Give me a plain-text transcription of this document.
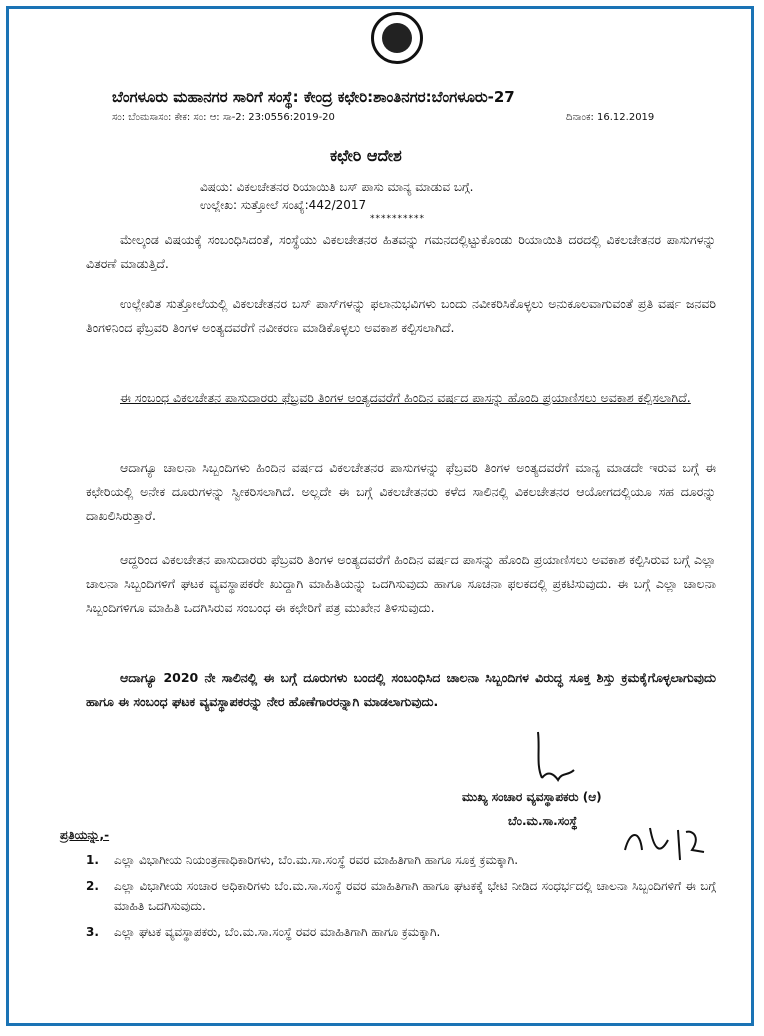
ಬೆಂಗಳೂರು ಮಹಾನಗರ ಸಾರಿಗೆ ಸಂಸ್ಥೆ: ಕೇಂದ್ರ ಕಛೇರಿ:ಶಾಂತಿನಗರ:ಬೆಂಗಳೂರು-27
ಸಂ: ಬೆಂಮಸಾಸಂ: ಕೇಕ: ಸಂ: ಆ: ಸಾ-2: 23:0556:2019-20	ದಿನಾಂಕ: 16.12.2019
ಕಛೇರಿ ಆದೇಶ
ವಿಷಯ: ವಿಕಲಚೇತನರ ರಿಯಾಯಿತಿ ಬಸ್ ಪಾಸು ಮಾನ್ಯ ಮಾಡುವ ಬಗ್ಗೆ.
ಉಲ್ಲೇಖ: ಸುತ್ತೋಲೆ ಸಂಖ್ಯೆ:442/2017
**********
ಮೇಲ್ಕಂಡ ವಿಷಯಕ್ಕೆ ಸಂಬಂಧಿಸಿದಂತೆ, ಸಂಸ್ಥೆಯು ವಿಕಲಚೇತನರ ಹಿತವನ್ನು ಗಮನದಲ್ಲಿಟ್ಟುಕೊಂಡು ರಿಯಾಯಿತಿ ದರದಲ್ಲಿ ವಿಕಲಚೇತನರ ಪಾಸುಗಳನ್ನು ವಿತರಣೆ ಮಾಡುತ್ತಿದೆ.
ಉಲ್ಲೇಖಿತ ಸುತ್ತೋಲೆಯಲ್ಲಿ ವಿಕಲಚೇತನರ ಬಸ್ ಪಾಸ್‌ಗಳನ್ನು ಫಲಾನುಭವಿಗಳು ಬಂದು ನವೀಕರಿಸಿಕೊಳ್ಳಲು ಅನುಕೂಲವಾಗುವಂತೆ ಪ್ರತಿ ವರ್ಷ ಜನವರಿ ತಿಂಗಳಿನಿಂದ ಫೆಬ್ರವರಿ ತಿಂಗಳ ಅಂತ್ಯದವರೆಗೆ ನವೀಕರಣ ಮಾಡಿಕೊಳ್ಳಲು ಅವಕಾಶ ಕಲ್ಪಿಸಲಾಗಿದೆ.
ಈ ಸಂಬಂಧ ವಿಕಲಚೇತನ ಪಾಸುದಾರರು ಫೆಬ್ರವರಿ ತಿಂಗಳ ಅಂತ್ಯದವರೆಗೆ ಹಿಂದಿನ ವರ್ಷದ ಪಾಸನ್ನು ಹೊಂದಿ ಪ್ರಯಾಣಿಸಲು ಅವಕಾಶ ಕಲ್ಪಿಸಲಾಗಿದೆ.
ಆದಾಗ್ಯೂ ಚಾಲನಾ ಸಿಬ್ಬಂದಿಗಳು ಹಿಂದಿನ ವರ್ಷದ ವಿಕಲಚೇತನರ ಪಾಸುಗಳನ್ನು ಫೆಬ್ರವರಿ ತಿಂಗಳ ಅಂತ್ಯದವರೆಗೆ ಮಾನ್ಯ ಮಾಡದೇ ಇರುವ ಬಗ್ಗೆ ಈ ಕಛೇರಿಯಲ್ಲಿ ಅನೇಕ ದೂರುಗಳನ್ನು ಸ್ವೀಕರಿಸಲಾಗಿದೆ. ಅಲ್ಲದೇ ಈ ಬಗ್ಗೆ ವಿಕಲಚೇತನರು ಕಳೆದ ಸಾಲಿನಲ್ಲಿ ವಿಕಲಚೇತನರ ಆಯೋಗದಲ್ಲಿಯೂ ಸಹ ದೂರನ್ನು ದಾಖಲಿಸಿರುತ್ತಾರೆ.
ಆದ್ದರಿಂದ ವಿಕಲಚೇತನ ಪಾಸುದಾರರು ಫೆಬ್ರವರಿ ತಿಂಗಳ ಅಂತ್ಯದವರೆಗೆ ಹಿಂದಿನ ವರ್ಷದ ಪಾಸನ್ನು ಹೊಂದಿ ಪ್ರಯಾಣಿಸಲು ಅವಕಾಶ ಕಲ್ಪಿಸಿರುವ ಬಗ್ಗೆ ಎಲ್ಲಾ ಚಾಲನಾ ಸಿಬ್ಬಂದಿಗಳಿಗೆ ಘಟಕ ವ್ಯವಸ್ಥಾಪಕರೇ ಖುದ್ದಾಗಿ ಮಾಹಿತಿಯನ್ನು ಒದಗಿಸುವುದು ಹಾಗೂ ಸೂಚನಾ ಫಲಕದಲ್ಲಿ ಪ್ರಕಟಿಸುವುದು. ಈ ಬಗ್ಗೆ ಎಲ್ಲಾ ಚಾಲನಾ ಸಿಬ್ಬಂದಿಗಳಿಗೂ ಮಾಹಿತಿ ಒದಗಿಸಿರುವ ಸಂಬಂಧ ಈ ಕಛೇರಿಗೆ ಪತ್ರ ಮುಖೇನ ತಿಳಿಸುವುದು.
ಆದಾಗ್ಯೂ 2020 ನೇ ಸಾಲಿನಲ್ಲಿ ಈ ಬಗ್ಗೆ ದೂರುಗಳು ಬಂದಲ್ಲಿ ಸಂಬಂಧಿಸಿದ ಚಾಲನಾ ಸಿಬ್ಬಂದಿಗಳ ವಿರುದ್ಧ ಸೂಕ್ತ ಶಿಸ್ತು ಕ್ರಮಕೈಗೊಳ್ಳಲಾಗುವುದು ಹಾಗೂ ಈ ಸಂಬಂಧ ಘಟಕ ವ್ಯವಸ್ಥಾಪಕರನ್ನು ನೇರ ಹೊಣೆಗಾರರನ್ನಾಗಿ ಮಾಡಲಾಗುವುದು.
ಮುಖ್ಯ ಸಂಚಾರ ವ್ಯವಸ್ಥಾಪಕರು (ಆ)
ಬೆಂ.ಮ.ಸಾ.ಸಂಸ್ಥೆ
ಪ್ರತಿಯನ್ನು,-
1.	ಎಲ್ಲಾ ವಿಭಾಗೀಯ ನಿಯಂತ್ರಣಾಧಿಕಾರಿಗಳು, ಬೆಂ.ಮ.ಸಾ.ಸಂಸ್ಥೆ ರವರ ಮಾಹಿತಿಗಾಗಿ ಹಾಗೂ ಸೂಕ್ತ ಕ್ರಮಕ್ಕಾಗಿ.
2.	ಎಲ್ಲಾ ವಿಭಾಗೀಯ ಸಂಚಾರ ಅಧಿಕಾರಿಗಳು ಬೆಂ.ಮ.ಸಾ.ಸಂಸ್ಥೆ ರವರ ಮಾಹಿತಿಗಾಗಿ ಹಾಗೂ ಘಟಕಕ್ಕೆ ಭೇಟಿ ನೀಡಿದ ಸಂಧರ್ಭದಲ್ಲಿ ಚಾಲನಾ ಸಿಬ್ಬಂದಿಗಳಿಗೆ ಈ ಬಗ್ಗೆ ಮಾಹಿತಿ ಒದಗಿಸುವುದು.
3.	ಎಲ್ಲಾ ಘಟಕ ವ್ಯವಸ್ಥಾಪಕರು, ಬೆಂ.ಮ.ಸಾ.ಸಂಸ್ಥೆ ರವರ ಮಾಹಿತಿಗಾಗಿ ಹಾಗೂ ಕ್ರಮಕ್ಕಾಗಿ.
